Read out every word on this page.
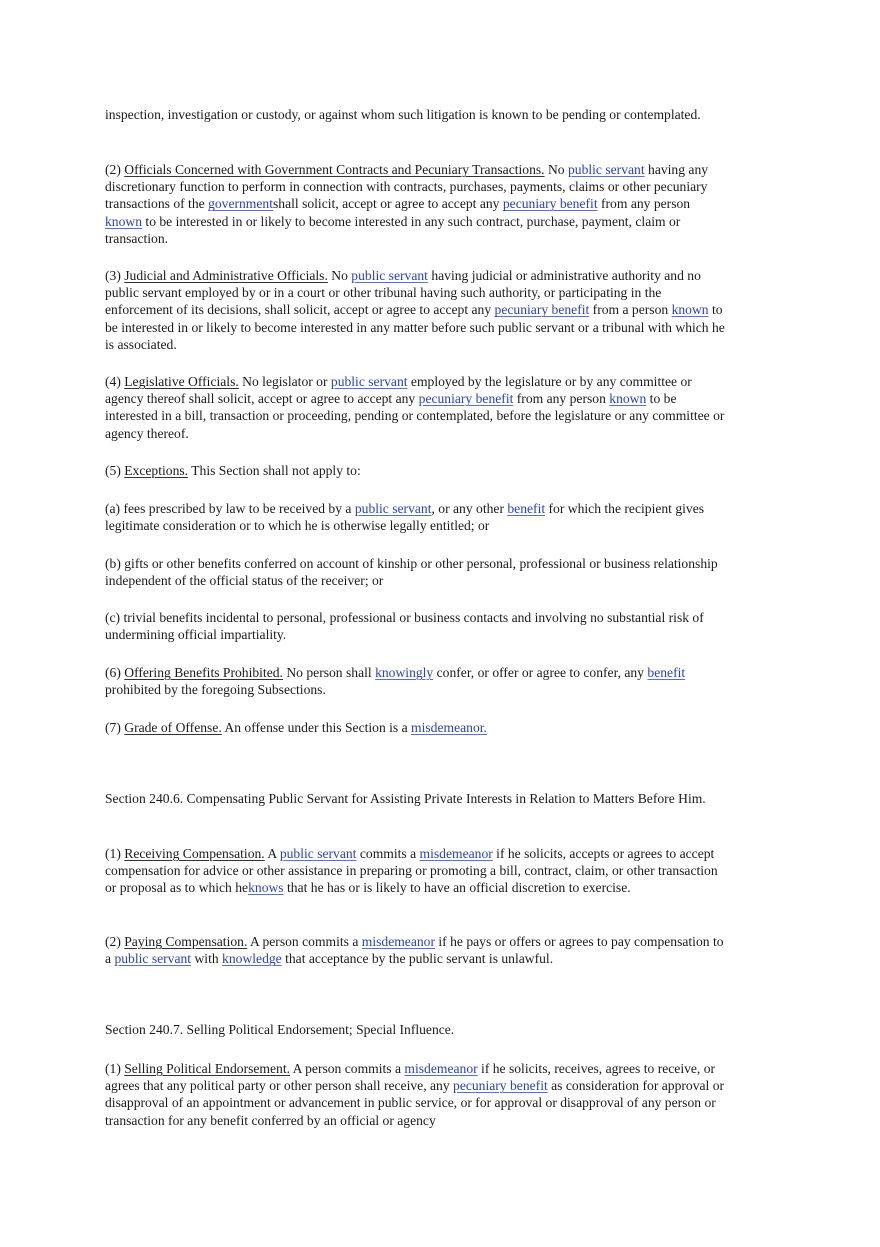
inspection, investigation or custody, or against whom such litigation is known to be pending or contemplated.

(2) Officials Concerned with Government Contracts and Pecuniary Transactions. No public servant having any discretionary function to perform in connection with contracts, purchases, payments, claims or other pecuniary transactions of the governmentshall solicit, accept or agree to accept any pecuniary benefit from any person known to be interested in or likely to become interested in any such contract, purchase, payment, claim or transaction.

(3) Judicial and Administrative Officials. No public servant having judicial or administrative authority and no public servant employed by or in a court or other tribunal having such authority, or participating in the enforcement of its decisions, shall solicit, accept or agree to accept any pecuniary benefit from a person known to be interested in or likely to become interested in any matter before such public servant or a tribunal with which he is associated.

(4) Legislative Officials. No legislator or public servant employed by the legislature or by any committee or agency thereof shall solicit, accept or agree to accept any pecuniary benefit from any person known to be interested in a bill, transaction or proceeding, pending or contemplated, before the legislature or any committee or agency thereof.

(5) Exceptions. This Section shall not apply to:

(a) fees prescribed by law to be received by a public servant, or any other benefit for which the recipient gives legitimate consideration or to which he is otherwise legally entitled; or

(b) gifts or other benefits conferred on account of kinship or other personal, professional or business relationship independent of the official status of the receiver; or

(c) trivial benefits incidental to personal, professional or business contacts and involving no substantial risk of undermining official impartiality.

(6) Offering Benefits Prohibited. No person shall knowingly confer, or offer or agree to confer, any benefit prohibited by the foregoing Subsections.

(7) Grade of Offense. An offense under this Section is a misdemeanor.

Section 240.6. Compensating Public Servant for Assisting Private Interests in Relation to Matters Before Him.

(1) Receiving Compensation. A public servant commits a misdemeanor if he solicits, accepts or agrees to accept compensation for advice or other assistance in preparing or promoting a bill, contract, claim, or other transaction or proposal as to which heknows that he has or is likely to have an official discretion to exercise.

(2) Paying Compensation. A person commits a misdemeanor if he pays or offers or agrees to pay compensation to a public servant with knowledge that acceptance by the public servant is unlawful.

Section 240.7. Selling Political Endorsement; Special Influence.

(1) Selling Political Endorsement. A person commits a misdemeanor if he solicits, receives, agrees to receive, or agrees that any political party or other person shall receive, any pecuniary benefit as consideration for approval or disapproval of an appointment or advancement in public service, or for approval or disapproval of any person or transaction for any benefit conferred by an official or agency
